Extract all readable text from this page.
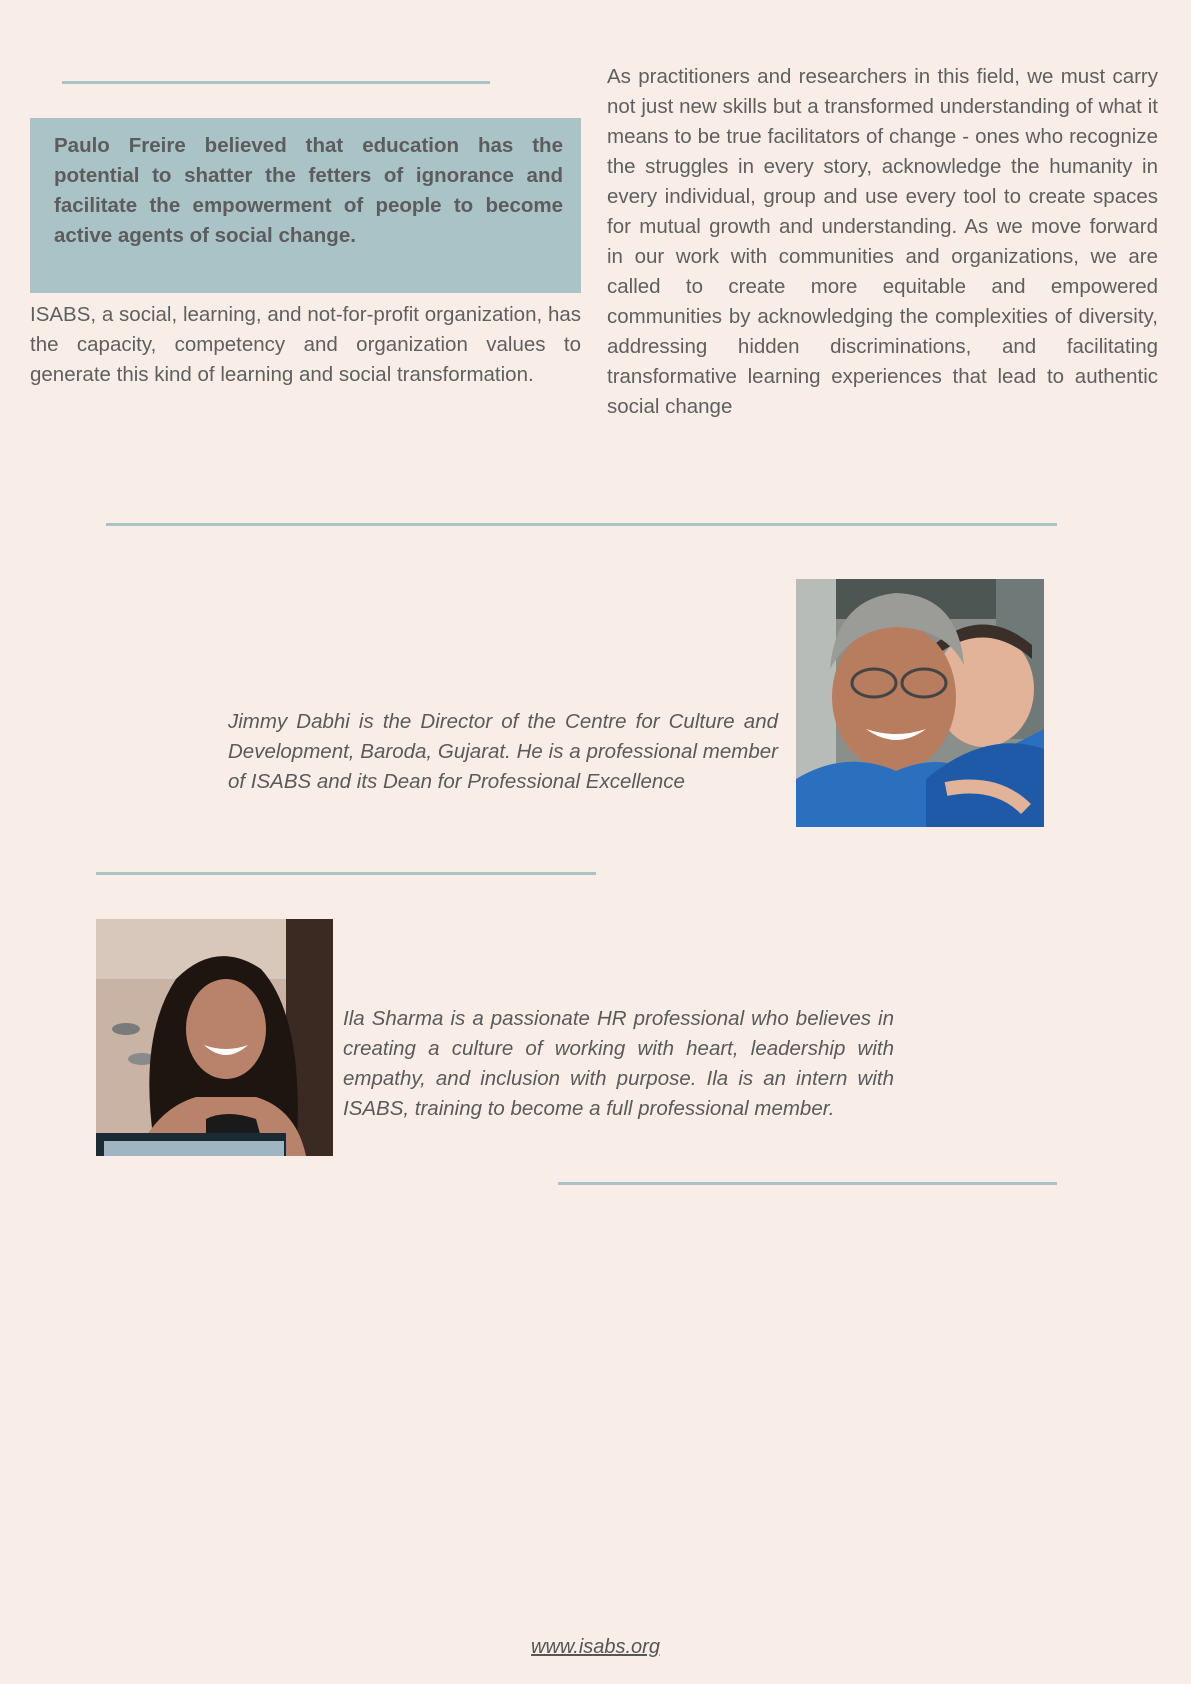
Paulo Freire believed that education has the potential to shatter the fetters of ignorance and facilitate the empowerment of people to become active agents of social change.

ISABS, a social, learning, and not-for-profit organization, has the capacity, competency and organization values to generate this kind of learning and social transformation.

As practitioners and researchers in this field, we must carry not just new skills but a transformed understanding of what it means to be true facilitators of change - ones who recognize the struggles in every story, acknowledge the humanity in every individual, group and use every tool to create spaces for mutual growth and understanding. As we move forward in our work with communities and organizations, we are called to create more equitable and empowered communities by acknowledging the complexities of diversity, addressing hidden discriminations, and facilitating transformative learning experiences that lead to authentic social change

Jimmy Dabhi is the Director of the Centre for Culture and Development, Baroda, Gujarat. He is a professional member of ISABS and its Dean for Professional Excellence

Ila Sharma is a passionate HR professional who believes in creating a culture of working with heart, leadership with empathy, and inclusion with purpose. Ila is an intern with ISABS, training to become a full professional member.

www.isabs.org
